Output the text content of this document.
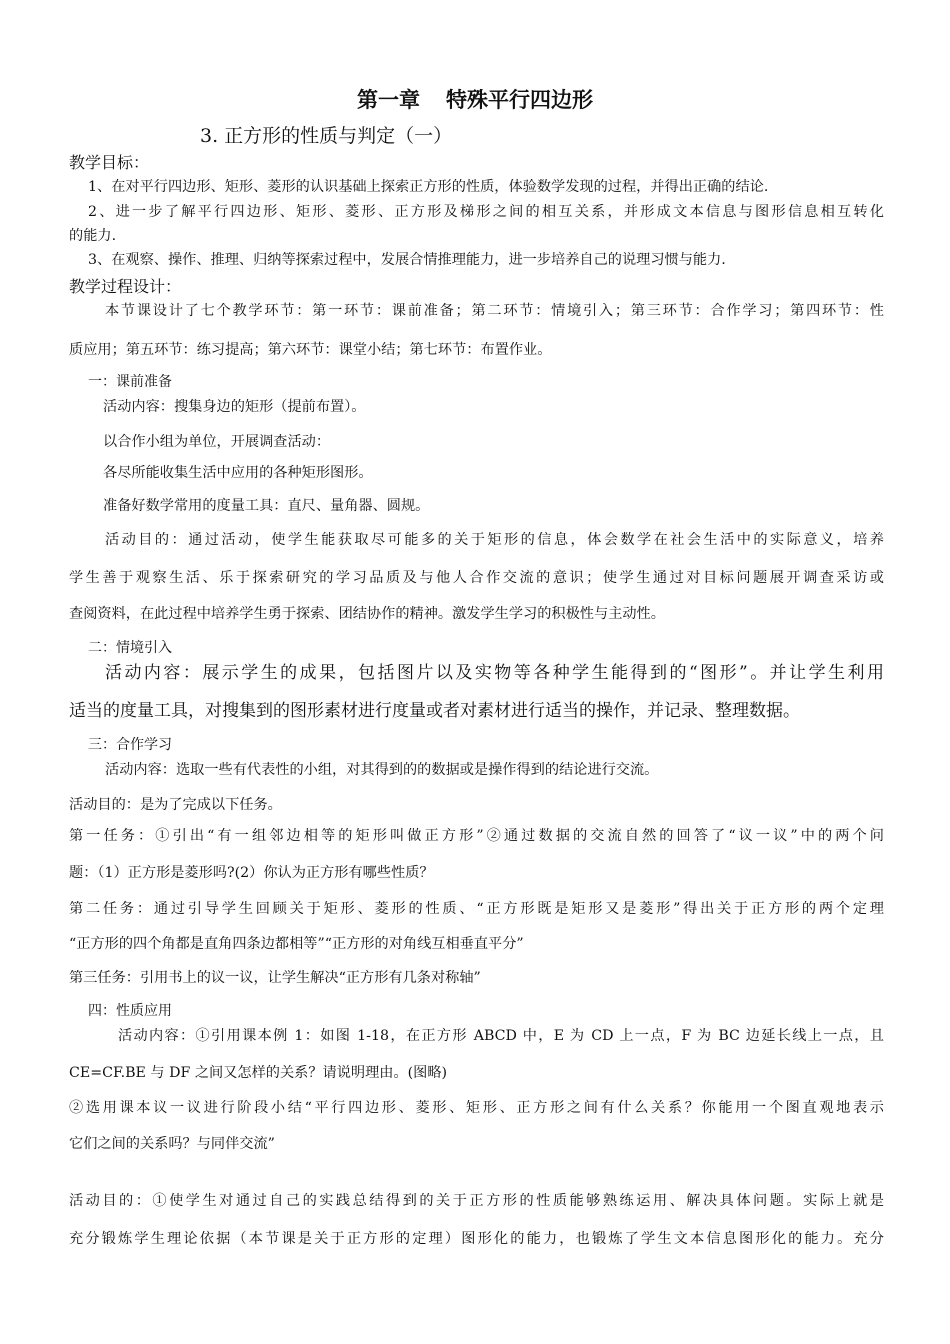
第一章 特殊平行四边形
3. 正方形的性质与判定（一）
教学目标：
1、在对平行四边形、矩形、菱形的认识基础上探索正方形的性质，体验数学发现的过程，并得出正确的结论.
2、进一步了解平行四边形、矩形、菱形、正方形及梯形之间的相互关系，并形成文本信息与图形信息相互转化
的能力.
3、在观察、操作、推理、归纳等探索过程中，发展合情推理能力，进一步培养自己的说理习惯与能力.
教学过程设计：
本节课设计了七个教学环节：第一环节：课前准备；第二环节：情境引入；第三环节：合作学习；第四环节：性
质应用；第五环节：练习提高；第六环节：课堂小结；第七环节：布置作业。
一：课前准备
活动内容：搜集身边的矩形（提前布置）。
以合作小组为单位，开展调查活动：
各尽所能收集生活中应用的各种矩形图形。
准备好数学常用的度量工具：直尺、量角器、圆规。
活动目的：通过活动，使学生能获取尽可能多的关于矩形的信息，体会数学在社会生活中的实际意义，培养
学生善于观察生活、乐于探索研究的学习品质及与他人合作交流的意识；使学生通过对目标问题展开调查采访或
查阅资料，在此过程中培养学生勇于探索、团结协作的精神。激发学生学习的积极性与主动性。
二：情境引入
活动内容：展示学生的成果，包括图片以及实物等各种学生能得到的“图形”。并让学生利用
适当的度量工具，对搜集到的图形素材进行度量或者对素材进行适当的操作，并记录、整理数据。
三：合作学习
活动内容：选取一些有代表性的小组，对其得到的的数据或是操作得到的结论进行交流。
活动目的：是为了完成以下任务。
第一任务：①引出“有一组邻边相等的矩形叫做正方形”②通过数据的交流自然的回答了“议一议”中的两个问
题：（1）正方形是菱形吗?(2）你认为正方形有哪些性质？
第二任务：通过引导学生回顾关于矩形、菱形的性质、“正方形既是矩形又是菱形”得出关于正方形的两个定理
“正方形的四个角都是直角四条边都相等”“正方形的对角线互相垂直平分”
第三任务：引用书上的议一议，让学生解决“正方形有几条对称轴”
四：性质应用
活动内容：①引用课本例 1：如图 1-18，在正方形 ABCD 中，E 为 CD 上一点，F 为 BC 边延长线上一点，且
CE=CF.BE 与 DF 之间又怎样的关系？请说明理由。(图略)
②选用课本议一议进行阶段小结“平行四边形、菱形、矩形、正方形之间有什么关系？你能用一个图直观地表示
它们之间的关系吗？与同伴交流”
活动目的：①使学生对通过自己的实践总结得到的关于正方形的性质能够熟练运用、解决具体问题。实际上就是
充分锻炼学生理论依据（本节课是关于正方形的定理）图形化的能力，也锻炼了学生文本信息图形化的能力。充分
